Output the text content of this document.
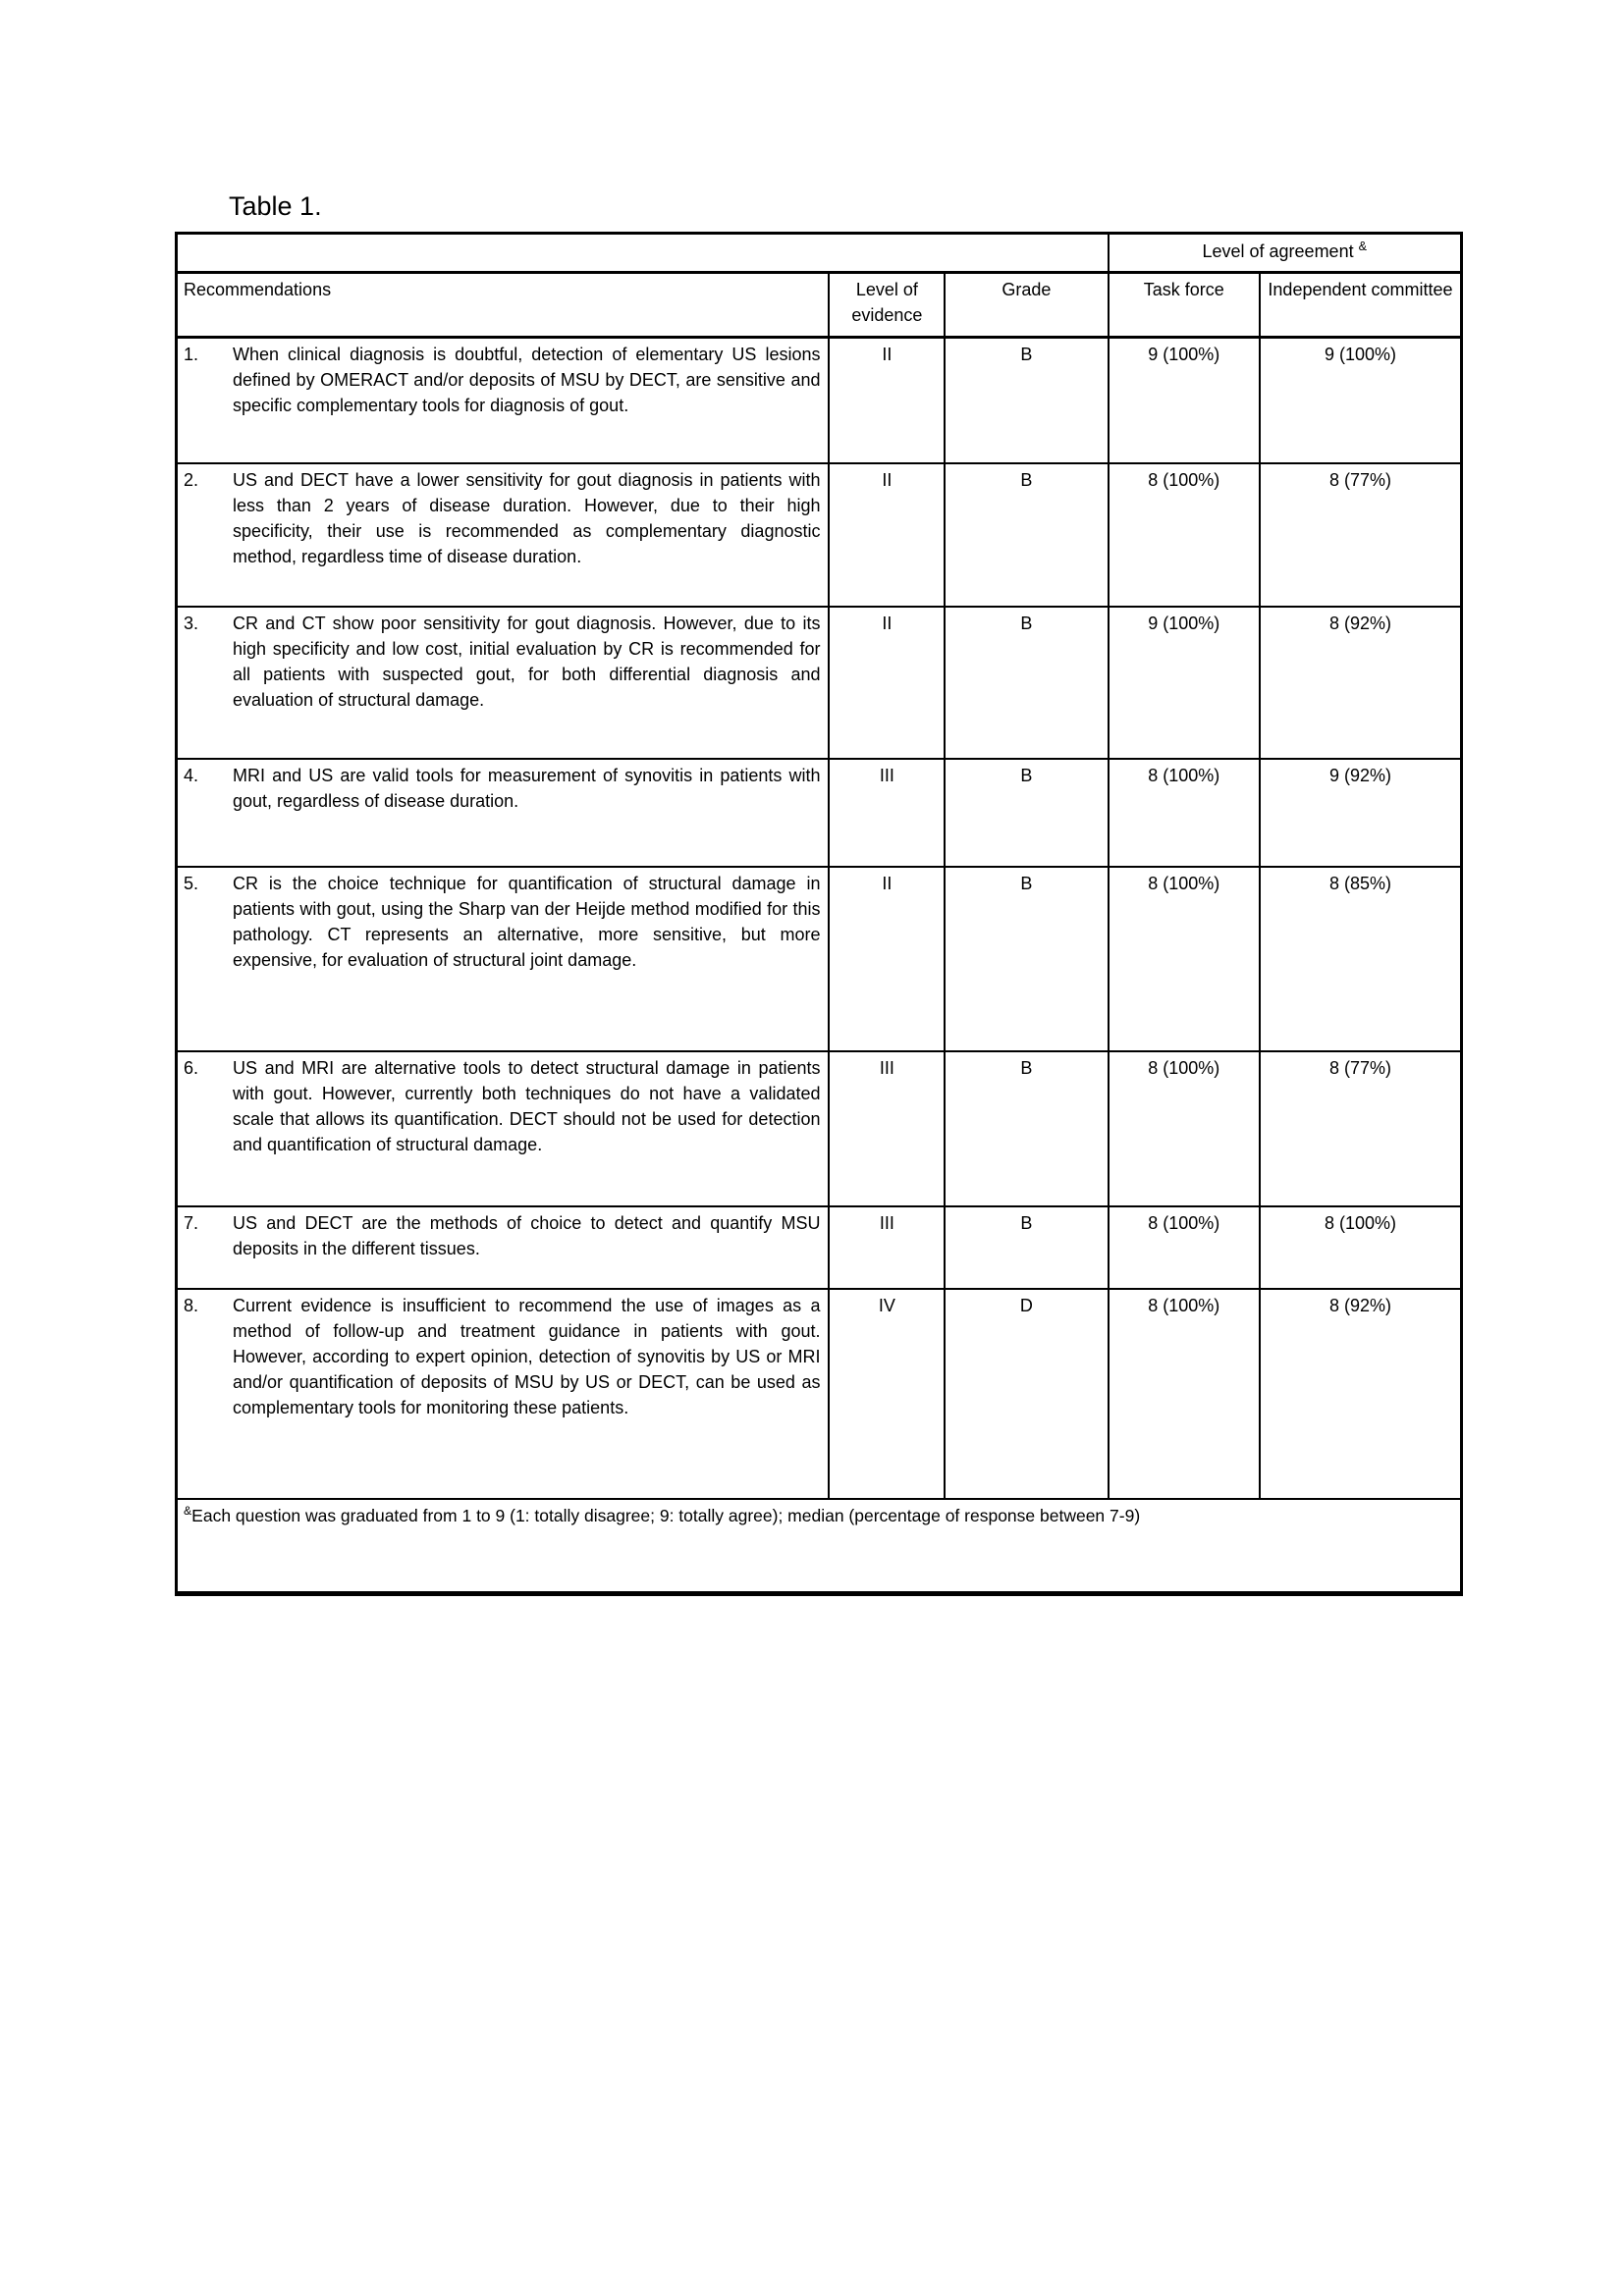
Table 1.
			Level of agreement &
Recommendations	Level of evidence	Grade	Task force	Independent committee

1. When clinical diagnosis is doubtful, detection of elementary US lesions defined by OMERACT and/or deposits of MSU by DECT, are sensitive and specific complementary tools for diagnosis of gout.	II	B	9 (100%)	9 (100%)

2. US and DECT have a lower sensitivity for gout diagnosis in patients with less than 2 years of disease duration. However, due to their high specificity, their use is recommended as complementary diagnostic method, regardless time of disease duration.	II	B	8 (100%)	8 (77%)

3. CR and CT show poor sensitivity for gout diagnosis. However, due to its high specificity and low cost, initial evaluation by CR is recommended for all patients with suspected gout, for both differential diagnosis and evaluation of structural damage.	II	B	9 (100%)	8 (92%)

4. MRI and US are valid tools for measurement of synovitis in patients with gout, regardless of disease duration.	III	B	8 (100%)	9 (92%)

5. CR is the choice technique for quantification of structural damage in patients with gout, using the Sharp van der Heijde method modified for this pathology. CT represents an alternative, more sensitive, but more expensive, for evaluation of structural joint damage.	II	B	8 (100%)	8 (85%)

6. US and MRI are alternative tools to detect structural damage in patients with gout. However, currently both techniques do not have a validated scale that allows its quantification. DECT should not be used for detection and quantification of structural damage.	III	B	8 (100%)	8 (77%)

7. US and DECT are the methods of choice to detect and quantify MSU deposits in the different tissues.	III	B	8 (100%)	8 (100%)

8. Current evidence is insufficient to recommend the use of images as a method of follow-up and treatment guidance in patients with gout. However, according to expert opinion, detection of synovitis by US or MRI and/or quantification of deposits of MSU by US or DECT, can be used as complementary tools for monitoring these patients.	IV	D	8 (100%)	8 (92%)
&Each question was graduated from 1 to 9 (1: totally disagree; 9: totally agree); median (percentage of response between 7-9)				
